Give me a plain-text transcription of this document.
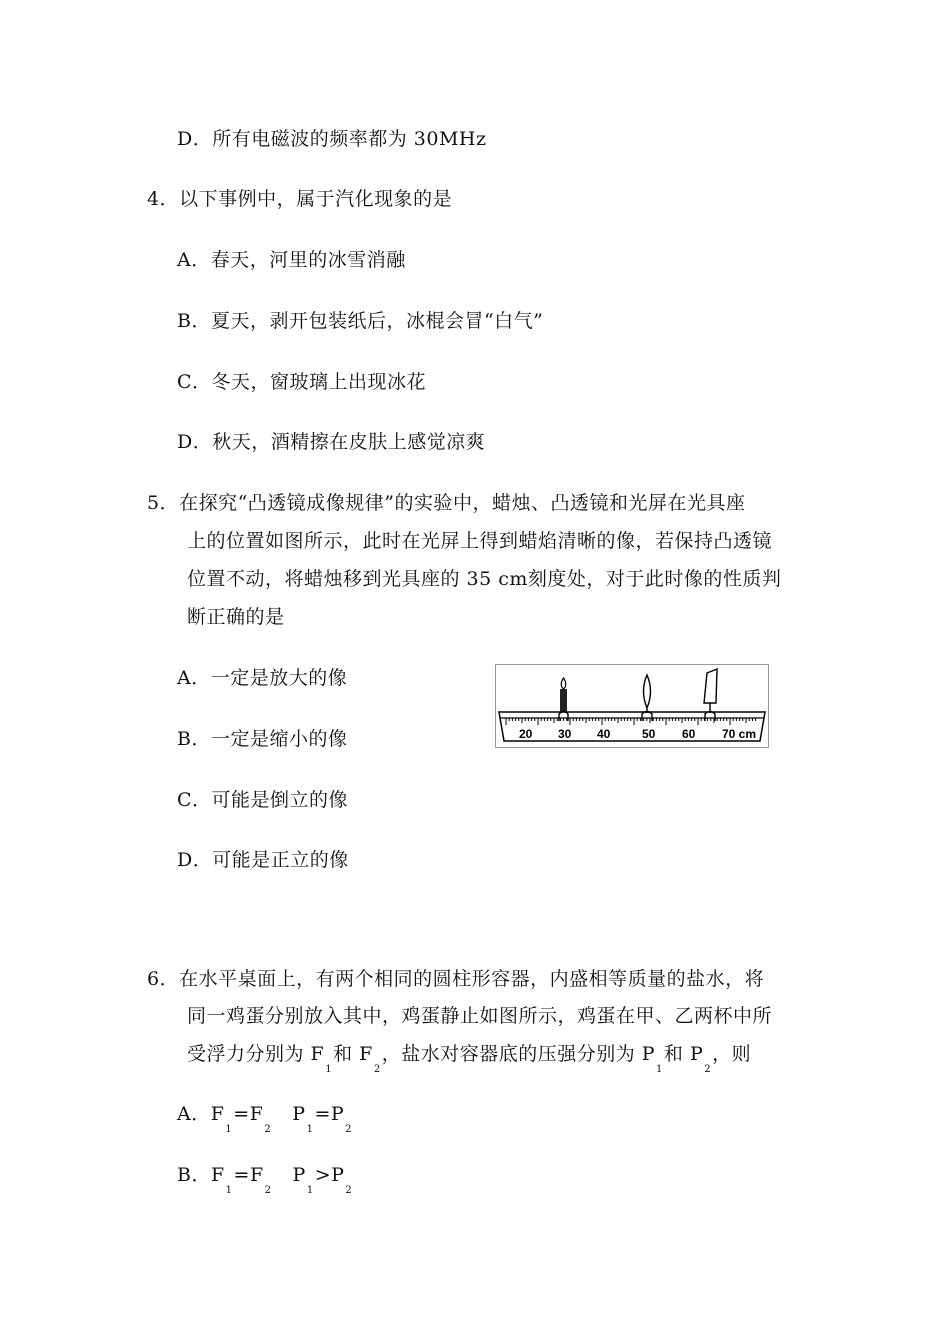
D．所有电磁波的频率都为 30MHz
4．以下事例中，属于汽化现象的是
A．春天，河里的冰雪消融
B．夏天，剥开包装纸后，冰棍会冒“白气”
C．冬天，窗玻璃上出现冰花
D．秋天，酒精擦在皮肤上感觉凉爽
5．在探究“凸透镜成像规律”的实验中，蜡烛、凸透镜和光屏在光具座
上的位置如图所示，此时在光屏上得到蜡焰清晰的像，若保持凸透镜
位置不动，将蜡烛移到光具座的 35 cm刻度处，对于此时像的性质判
断正确的是
A．一定是放大的像
B．一定是缩小的像
C．可能是倒立的像
D．可能是正立的像
20 30 40	50 60 70 cm
6．在水平桌面上，有两个相同的圆柱形容器，内盛相等质量的盐水，将
同一鸡蛋分别放入其中，鸡蛋静止如图所示，鸡蛋在甲、乙两杯中所
受浮力分别为 $F_1$和 $F_2$，盐水对容器底的压强分别为 $P_1$和 $P_2$，则
A．$F_1=F_2P_1=P_2$
B．$F_1=F_2P_1>P_2$
